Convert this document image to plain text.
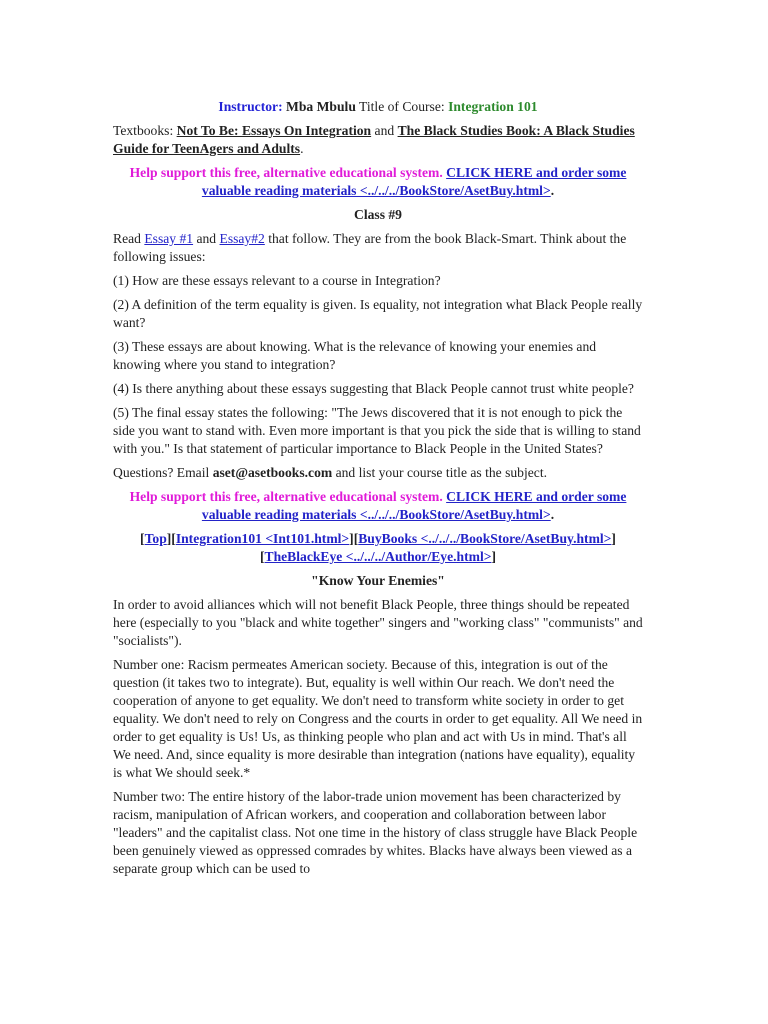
Instructor: Mba Mbulu Title of Course: Integration 101

Textbooks: Not To Be: Essays On Integration and The Black Studies Book: A Black Studies Guide for TeenAgers and Adults.

Help support this free, alternative educational system. CLICK HERE and order some valuable reading materials <../../../BookStore/AsetBuy.html>.

Class #9

Read Essay #1 and Essay#2 that follow. They are from the book Black-Smart. Think about the following issues:

(1) How are these essays relevant to a course in Integration?

(2) A definition of the term equality is given. Is equality, not integration what Black People really want?

(3) These essays are about knowing. What is the relevance of knowing your enemies and knowing where you stand to integration?

(4) Is there anything about these essays suggesting that Black People cannot trust white people?

(5) The final essay states the following: "The Jews discovered that it is not enough to pick the side you want to stand with. Even more important is that you pick the side that is willing to stand with you." Is that statement of particular importance to Black People in the United States?

Questions? Email aset@asetbooks.com and list your course title as the subject.

Help support this free, alternative educational system. CLICK HERE and order some valuable reading materials <../../../BookStore/AsetBuy.html>.

[Top][Integration101 <Int101.html>][BuyBooks <../../../BookStore/AsetBuy.html>]
[TheBlackEye <../../../Author/Eye.html>]

"Know Your Enemies"

In order to avoid alliances which will not benefit Black People, three things should be repeated here (especially to you "black and white together" singers and "working class" "communists" and "socialists").

Number one: Racism permeates American society. Because of this, integration is out of the question (it takes two to integrate). But, equality is well within Our reach. We don't need the cooperation of anyone to get equality. We don't need to transform white society in order to get equality. We don't need to rely on Congress and the courts in order to get equality. All We need in order to get equality is Us! Us, as thinking people who plan and act with Us in mind. That's all We need. And, since equality is more desirable than integration (nations have equality), equality is what We should seek.*

Number two: The entire history of the labor-trade union movement has been characterized by racism, manipulation of African workers, and cooperation and collaboration between labor "leaders" and the capitalist class. Not one time in the history of class struggle have Black People been genuinely viewed as oppressed comrades by whites. Blacks have always been viewed as a separate group which can be used to
